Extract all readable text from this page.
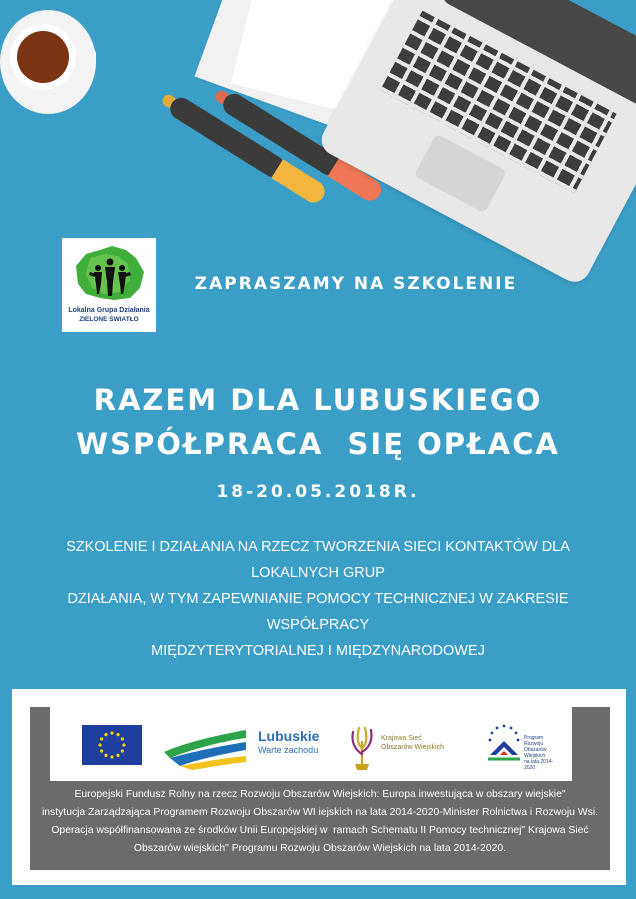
Lokalna Grupa Działania
ZIELONE ŚWIATŁO
ZAPRASZAMY NA SZKOLENIE
RAZEM DLA LUBUSKIEGO
WSPÓŁPRACA  SIĘ OPŁACA
18-20.05.2018R.
SZKOLENIE I DZIAŁANIA NA RZECZ TWORZENIA SIECI KONTAKTÓW DLA LOKALNYCH GRUP
DZIAŁANIA, W TYM ZAPEWNIANIE POMOCY TECHNICZNEJ W ZAKRESIE WSPÓŁPRACY
MIĘDZYTERYTORIALNEJ I MIĘDZYNARODOWEJ
Lubuskie
Warte zachodu
Krajowa Sieć
Obszarów Wiejskich
Program
Rozwoju
Obszarów
Wiejskich
na lata 2014-2020
Europejski Fundusz Rolny na rzecz Rozwoju Obszarów Wiejskich: Europa inwestująca w obszary wiejskie"
instytucja Zarządzająca Programem Rozwoju Obszarów WI iejskich na lata 2014-2020-Minister Rolnictwa i Rozwoju Wsi.
Operacja współfinansowana ze środków Unii Europejskiej w  ramach Schematu II Pomocy technicznej" Krajowa Sieć
Obszarów wiejskich" Programu Rozwoju Obszarów Wiejskich na lata 2014-2020.
